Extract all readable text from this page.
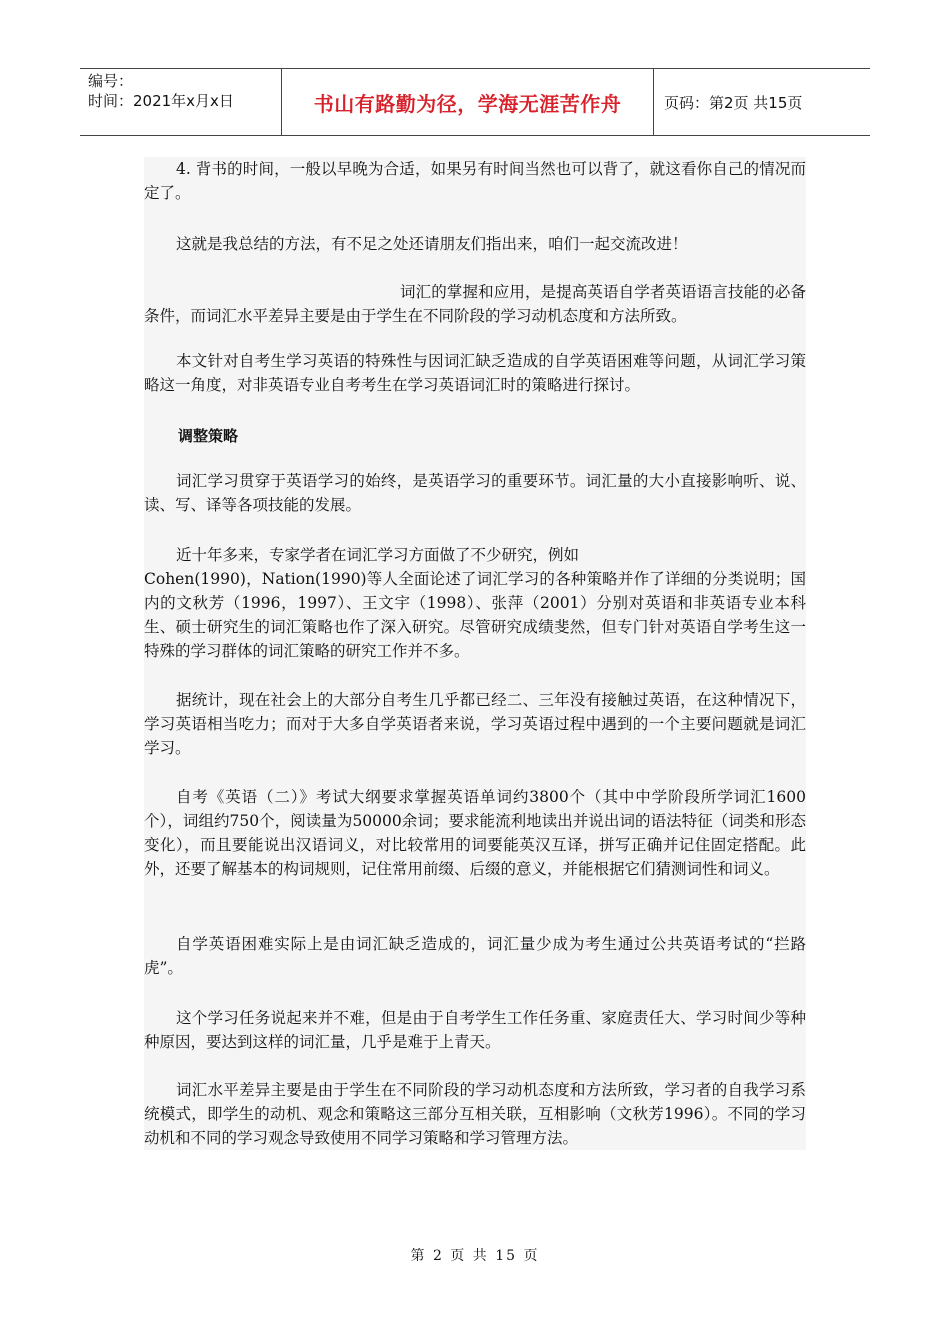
编号：
时间：2021年x月x日	书山有路勤为径，学海无涯苦作舟	页码：第2页 共15页

4. 背书的时间，一般以早晚为合适，如果另有时间当然也可以背了，就这看你自己的情况而定了。

这就是我总结的方法，有不足之处还请朋友们指出来，咱们一起交流改进！

词汇的掌握和应用，是提高英语自学者英语语言技能的必备条件，而词汇水平差异主要是由于学生在不同阶段的学习动机态度和方法所致。

本文针对自考生学习英语的特殊性与因词汇缺乏造成的自学英语困难等问题，从词汇学习策略这一角度，对非英语专业自考考生在学习英语词汇时的策略进行探讨。

调整策略

词汇学习贯穿于英语学习的始终，是英语学习的重要环节。词汇量的大小直接影响听、说、读、写、译等各项技能的发展。

近十年多来，专家学者在词汇学习方面做了不少研究，例如

Cohen(1990)，Nation(1990)等人全面论述了词汇学习的各种策略并作了详细的分类说明；国内的文秋芳（1996，1997）、王文宇（1998）、张萍（2001）分别对英语和非英语专业本科生、硕士研究生的词汇策略也作了深入研究。尽管研究成绩斐然，但专门针对英语自学考生这一特殊的学习群体的词汇策略的研究工作并不多。

据统计，现在社会上的大部分自考生几乎都已经二、三年没有接触过英语，在这种情况下，学习英语相当吃力；而对于大多自学英语者来说，学习英语过程中遇到的一个主要问题就是词汇学习。

自考《英语（二）》考试大纲要求掌握英语单词约3800个（其中中学阶段所学词汇1600个），词组约750个，阅读量为50000余词；要求能流利地读出并说出词的语法特征（词类和形态变化），而且要能说出汉语词义，对比较常用的词要能英汉互译，拼写正确并记住固定搭配。此外，还要了解基本的构词规则，记住常用前缀、后缀的意义，并能根据它们猜测词性和词义。

自学英语困难实际上是由词汇缺乏造成的，词汇量少成为考生通过公共英语考试的“拦路虎”。

这个学习任务说起来并不难，但是由于自考学生工作任务重、家庭责任大、学习时间少等种种原因，要达到这样的词汇量，几乎是难于上青天。

词汇水平差异主要是由于学生在不同阶段的学习动机态度和方法所致，学习者的自我学习系统模式，即学生的动机、观念和策略这三部分互相关联，互相影响（文秋芳1996）。不同的学习动机和不同的学习观念导致使用不同学习策略和学习管理方法。

第 2 页 共 15 页
